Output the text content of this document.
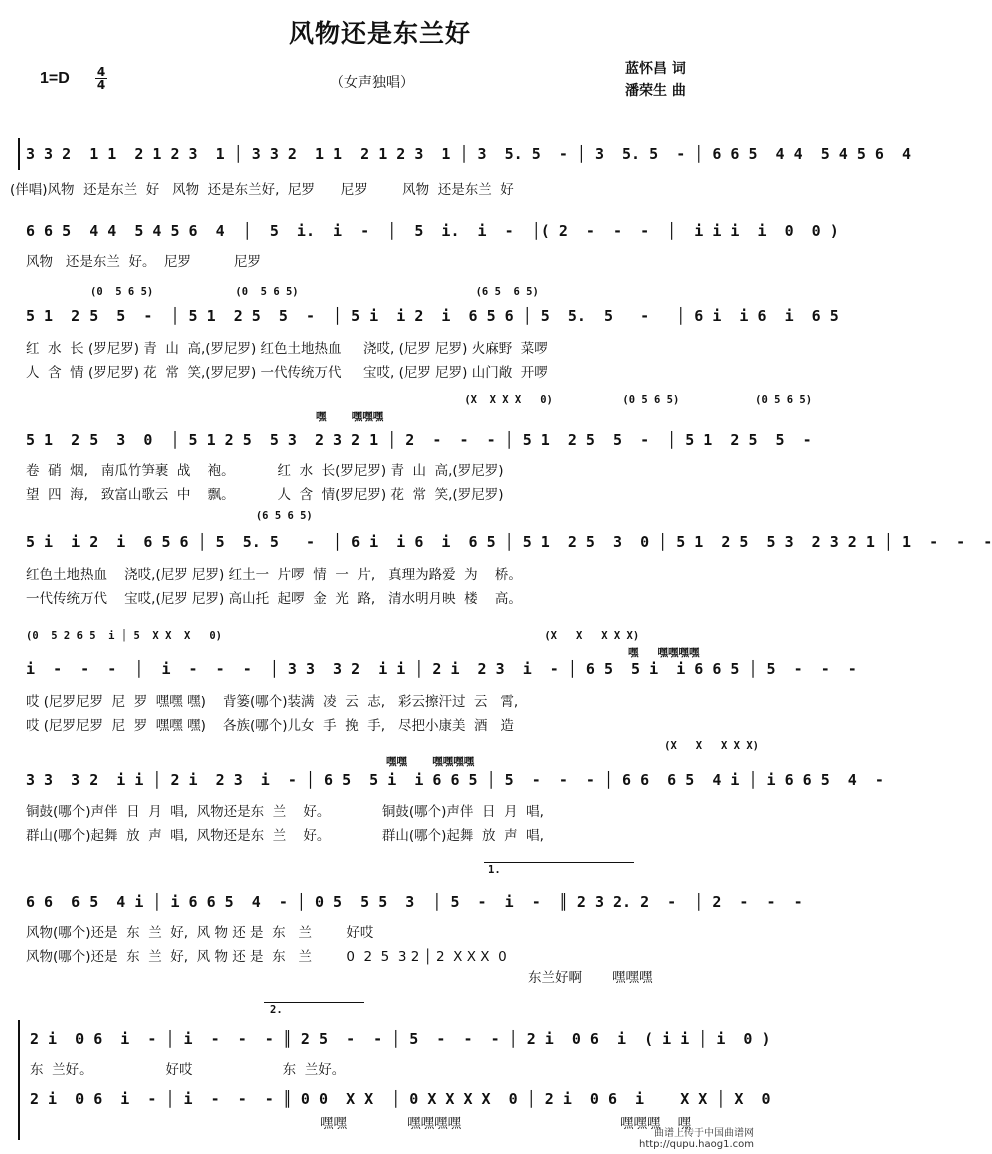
风物还是东兰好
1=D 4
4	（女声独唱）
蓝怀昌 词
潘荣生 曲
3 3 2  1 1  2 1 2 3  1 │ 3 3 2  1 1  2 1 2 3  1 │ 3  5. 5  - │ 3  5. 5  - │ 6 6 5  4 4  5 4 5 6  4
(伴唱)风物  还是东兰  好   风物  还是东兰好,  尼罗      尼罗        风物  还是东兰  好
6 6 5  4 4  5 4 5 6  4  │  5  i.  i  -  │  5  i.  i  -  │( 2  -  -  -  │  i i i  i  0  0 )
风物   还是东兰  好。  尼罗          尼罗
(0  5 6 5)             (0  5 6 5)                            (6 5  6 5)
5 1  2 5  5  -  │ 5 1  2 5  5  -  │ 5 i  i 2  i  6 5 6 │ 5  5.  5   -   │ 6 i  i 6  i  6 5
红  水  长 (罗尼罗) 青  山  高,(罗尼罗) 红色土地热血     浇哎, (尼罗 尼罗) 火麻野  菜啰
人  含  情 (罗尼罗) 花  常  笑,(罗尼罗) 一代传统万代     宝哎, (尼罗 尼罗) 山门敞  开啰
(X  X X X   0)           (0 5 6 5)            (0 5 6 5)
嘿    嘿嘿嘿
5 1  2 5  3  0  │ 5 1 2 5  5 3  2 3 2 1 │ 2  -  -  - │ 5 1  2 5  5  -  │ 5 1  2 5  5  -
卷  硝  烟,   南瓜竹笋裹  战    袍。          红  水  长(罗尼罗) 青  山  高,(罗尼罗)
望  四  海,   致富山歌云  中    飘。          人  含  情(罗尼罗) 花  常  笑,(罗尼罗)
(6 5 6 5)
5 i  i 2  i  6 5 6 │ 5  5. 5   -  │ 6 i  i 6  i  6 5 │ 5 1  2 5  3  0 │ 5 1  2 5  5 3  2 3 2 1 │ 1  -  -  -
红色土地热血    浇哎,(尼罗 尼罗) 红土一  片啰  情  一  片,   真理为路爱  为    桥。
一代传统万代    宝哎,(尼罗 尼罗) 高山托  起啰  金  光  路,   清水明月映  楼    高。
(0  5 2 6 5  i │ 5  X X  X   0)                                                   (X   X   X X X)
嘿   嘿嘿嘿嘿
i  -  -  -  │  i  -  -  -  │ 3 3  3 2  i i │ 2 i  2 3  i  - │ 6 5  5 i  i 6 6 5 │ 5  -  -  -
哎 (尼罗尼罗  尼  罗  嘿嘿 嘿)    背篓(哪个)装满  凌  云  志,   彩云擦汗过  云   霄,
哎 (尼罗尼罗  尼  罗  嘿嘿 嘿)    各族(哪个)儿女  手  挽  手,   尽把小康美  酒   造
(X   X   X X X)
嘿嘿    嘿嘿嘿嘿
3 3  3 2  i i │ 2 i  2 3  i  - │ 6 5  5 i  i 6 6 5 │ 5  -  -  - │ 6 6  6 5  4 i │ i 6 6 5  4  -
铜鼓(哪个)声伴  日  月  唱,  风物还是东  兰    好。            铜鼓(哪个)声伴  日  月  唱,
群山(哪个)起舞  放  声  唱,  风物还是东  兰    好。            群山(哪个)起舞  放  声  唱,
1.
6 6  6 5  4 i │ i 6 6 5  4  - │ 0 5  5 5  3  │ 5  -  i  -  ║ 2 3 2. 2  -  │ 2  -  -  -
风物(哪个)还是  东  兰  好,  风 物 还 是  东   兰        好哎
风物(哪个)还是  东  兰  好,  风 物 还 是  东   兰        0  2  5  3 2 │ 2  X X X  0
东兰好啊       嘿嘿嘿
2.
2 i  0 6  i  - │ i  -  -  - ║ 2 5  -  - │ 5  -  -  - │ 2 i  0 6  i  ( i i │ i  0 )
东  兰好。                 好哎                     东  兰好。
2 i  0 6  i  - │ i  -  -  - ║ 0 0  X X  │ 0 X X X X  0 │ 2 i  0 6  i    X X │ X  0
嘿嘿              嘿嘿嘿嘿	嘿嘿嘿    嘿
曲谱上传于中国曲谱网
http://qupu.haog1.com
